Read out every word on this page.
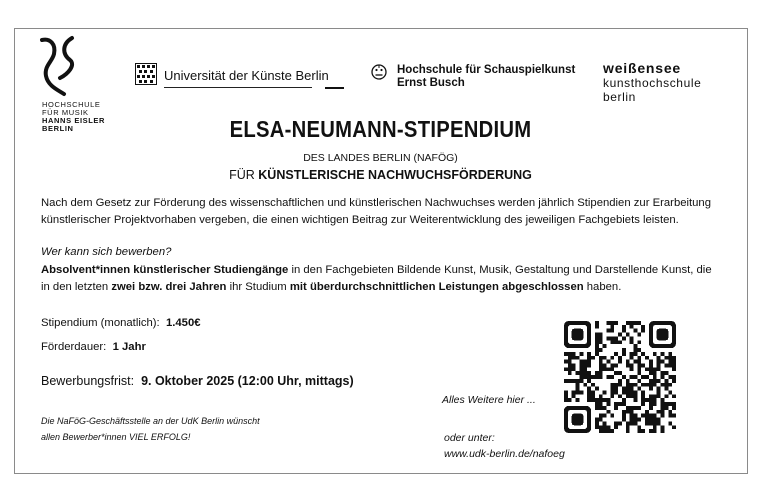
HOCHSCHULE
FÜR MUSIK
HANNS EISLER
BERLIN
Universität der Künste Berlin	Hochschule für Schauspielkunst
Ernst Busch
weißensee
kunsthochschule
berlin
ELSA-NEUMANN-STIPENDIUM
DES LANDES BERLIN (NAFÖG)
FÜR KÜNSTLERISCHE NACHWUCHSFÖRDERUNG
Nach dem Gesetz zur Förderung des wissenschaftlichen und künstlerischen Nachwuchses werden jährlich Stipendien zur Erarbeitung künstlerischer Projektvorhaben vergeben, die einen wichtigen Beitrag zur Weiterentwicklung des jeweiligen Fachgebiets leisten.
Wer kann sich bewerben?
Absolvent*innen künstlerischer Studiengänge in den Fachgebieten Bildende Kunst, Musik, Gestaltung und Darstellende Kunst, die in den letzten zwei bzw. drei Jahren ihr Studium mit überdurchschnittlichen Leistungen abgeschlossen haben.
Stipendium (monatlich): 1.450€
Förderdauer: 1 Jahr
Bewerbungsfrist: 9. Oktober 2025 (12:00 Uhr, mittags)
Die NaFöG-Geschäftsstelle an der UdK Berlin wünscht
allen Bewerber*innen VIEL ERFOLG!
Alles Weitere hier ...
oder unter:
www.udk-berlin.de/nafoeg
